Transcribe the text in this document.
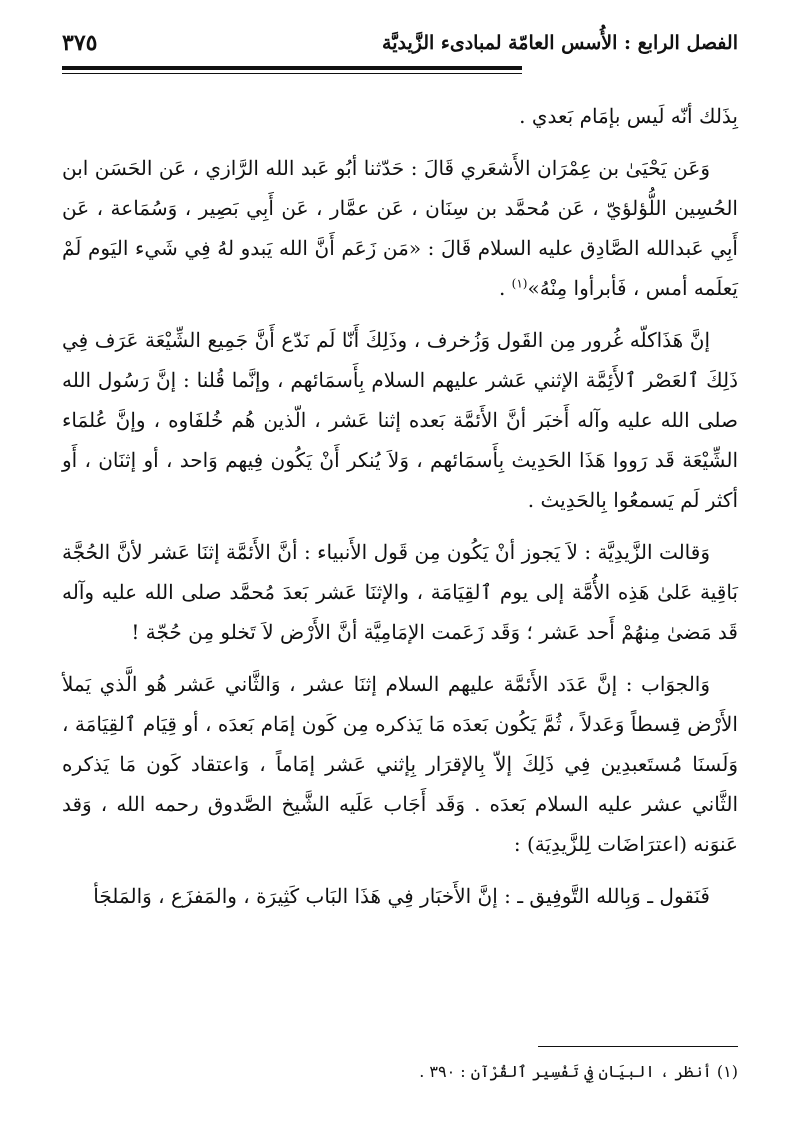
الفصل الرابع : الأُسس العامّة لمبادىء الزَّيديَّة
٣٧٥

بِذَلك أنّه لَيس بإمَام بَعدي .

وَعَن يَحْيَىٰ بن عِمْرَان الأَشعَري قَالَ : حَدّثنا أبُو عَبد الله الرَّازي ، عَن الحَسَن ابن الحُسِين اللُّؤلؤيّ ، عَن مُحمَّد بن سِنَان ، عَن عمَّار ، عَن أَبِي بَصِير ، وَسُمَاعة ، عَن أَبِي عَبدالله الصَّادِق عليه السلام قَالَ : «مَن زَعَم أَنَّ الله يَبدو لهُ فِي شَيء اليَوم لَمْ يَعلَمه أمس ، فَأبرأوا مِنْهُ»$^{(١)}$ .

إنَّ هَذَاكلّه غُرور مِن القَول وَزُخرف ، وذَلِكَ أَنّا لَم نَدّع أَنَّ جَمِيع الشِّيْعَة عَرَف فِي ذَلِكَ ٱلعَصْر ٱلأَئِمَّة الإثني عَشر عليهم السلام بِأَسمَائهم ، وإنَّما قُلنا : إنَّ رَسُول الله صلى الله عليه وآله أَخبَر أنَّ الأَئمَّة بَعده إثنا عَشر ، الّذين هُم خُلفَاوه ، وإنَّ عُلمَاء الشِّيْعَة قَد رَووا هَذَا الحَدِيث بِأَسمَائهم ، وَلاَ يُنكر أَنْ يَكُون فِيهم وَاحد ، أو إثنَان ، أَو أكثر لَم يَسمعُوا بِالحَدِيث .

وَقالت الزَّيدِيَّة : لاَ يَجوز أنْ يَكُون مِن قَول الأَنبياء : أنَّ الأَئمَّة إثنَا عَشر لأنَّ الحُجَّة بَاقِية عَلىٰ هَذِه الأُمَّة إلى يوم ٱلقِيَامَة ، والإثنَا عَشر بَعدَ مُحمَّد صلى الله عليه وآله قَد مَضىٰ مِنهُمْ أَحد عَشر ؛ وَقَد زَعَمت الإمَامِيَّة أنَّ الأَرْض لاَ تَخلو مِن حُجّة !

وَالجوَاب : إنَّ عَدَد الأَئمَّة عليهم السلام إثنَا عشر ، وَالثَّاني عَشر هُو الَّذي يَملأ الأَرْض قِسطاً وَعَدلاً ، ثُمَّ يَكُون بَعدَه مَا يَذكره مِن كَون إمَام بَعدَه ، أو قِيَام ٱلقِيَامَة ، وَلَسنَا مُستَعبدِين فِي ذَلِكَ إلاّ بِالإقرَار بِإثني عَشر إمَاماً ، وَاعتقاد كَون مَا يَذكره الثَّاني عشر عليه السلام بَعدَه . وَقَد أَجَاب عَلَيه الشَّيخ الصَّدوق رحمه الله ، وَقد عَنوَنه (اعترَاضَات لِلزَّيدِيَة) :

فَنَقول ـ وَبِالله التَّوفِيق ـ : إنَّ الأَخبَار فِي هَذَا البَاب كَثِيرَة ، والمَفزَع ، وَالمَلجَأ

(١) أنظر ، البيَان فِي تَفْسِير ٱلقُرْآن : ٣٩٠ .
